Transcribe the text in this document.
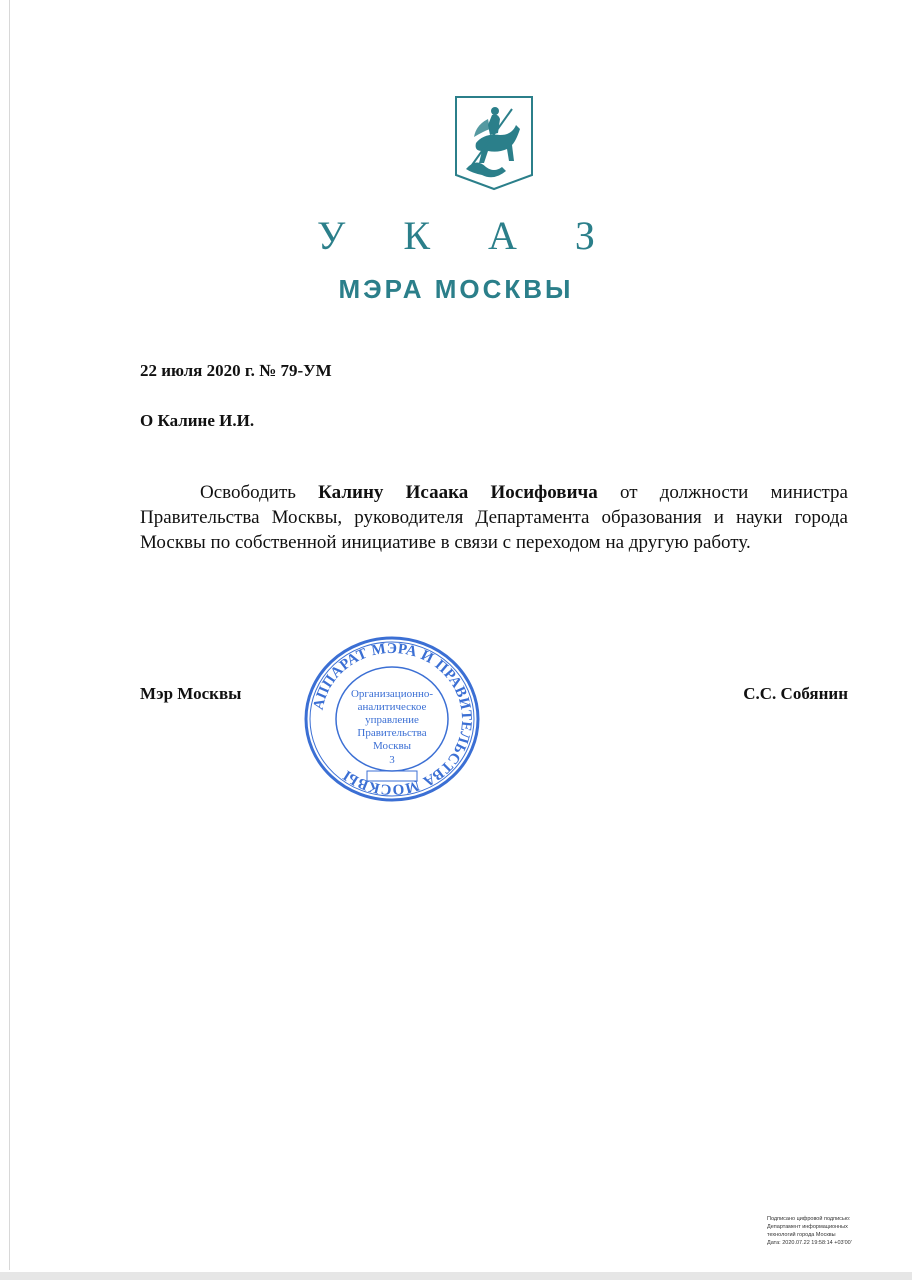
У К А З
МЭРА МОСКВЫ
22 июля 2020 г. № 79-УМ
О Калине И.И.
Освободить Калину Исаака Иосифовича от должности министра Правительства Москвы, руководителя Департамента образования и науки города Москвы по собственной инициативе в связи с переходом на другую работу.
Мэр Москвы	С.С. Собянин
АППАРАТ МЭРА И ПРАВИТЕЛЬСТВА МОСКВЫ
Организационно-
аналитическое
управление
Правительства
Москвы
3
Подписано цифровой подписью:
Департамент информационных
технологий города Москвы
Дата: 2020.07.22 19:58:14 +03'00'
